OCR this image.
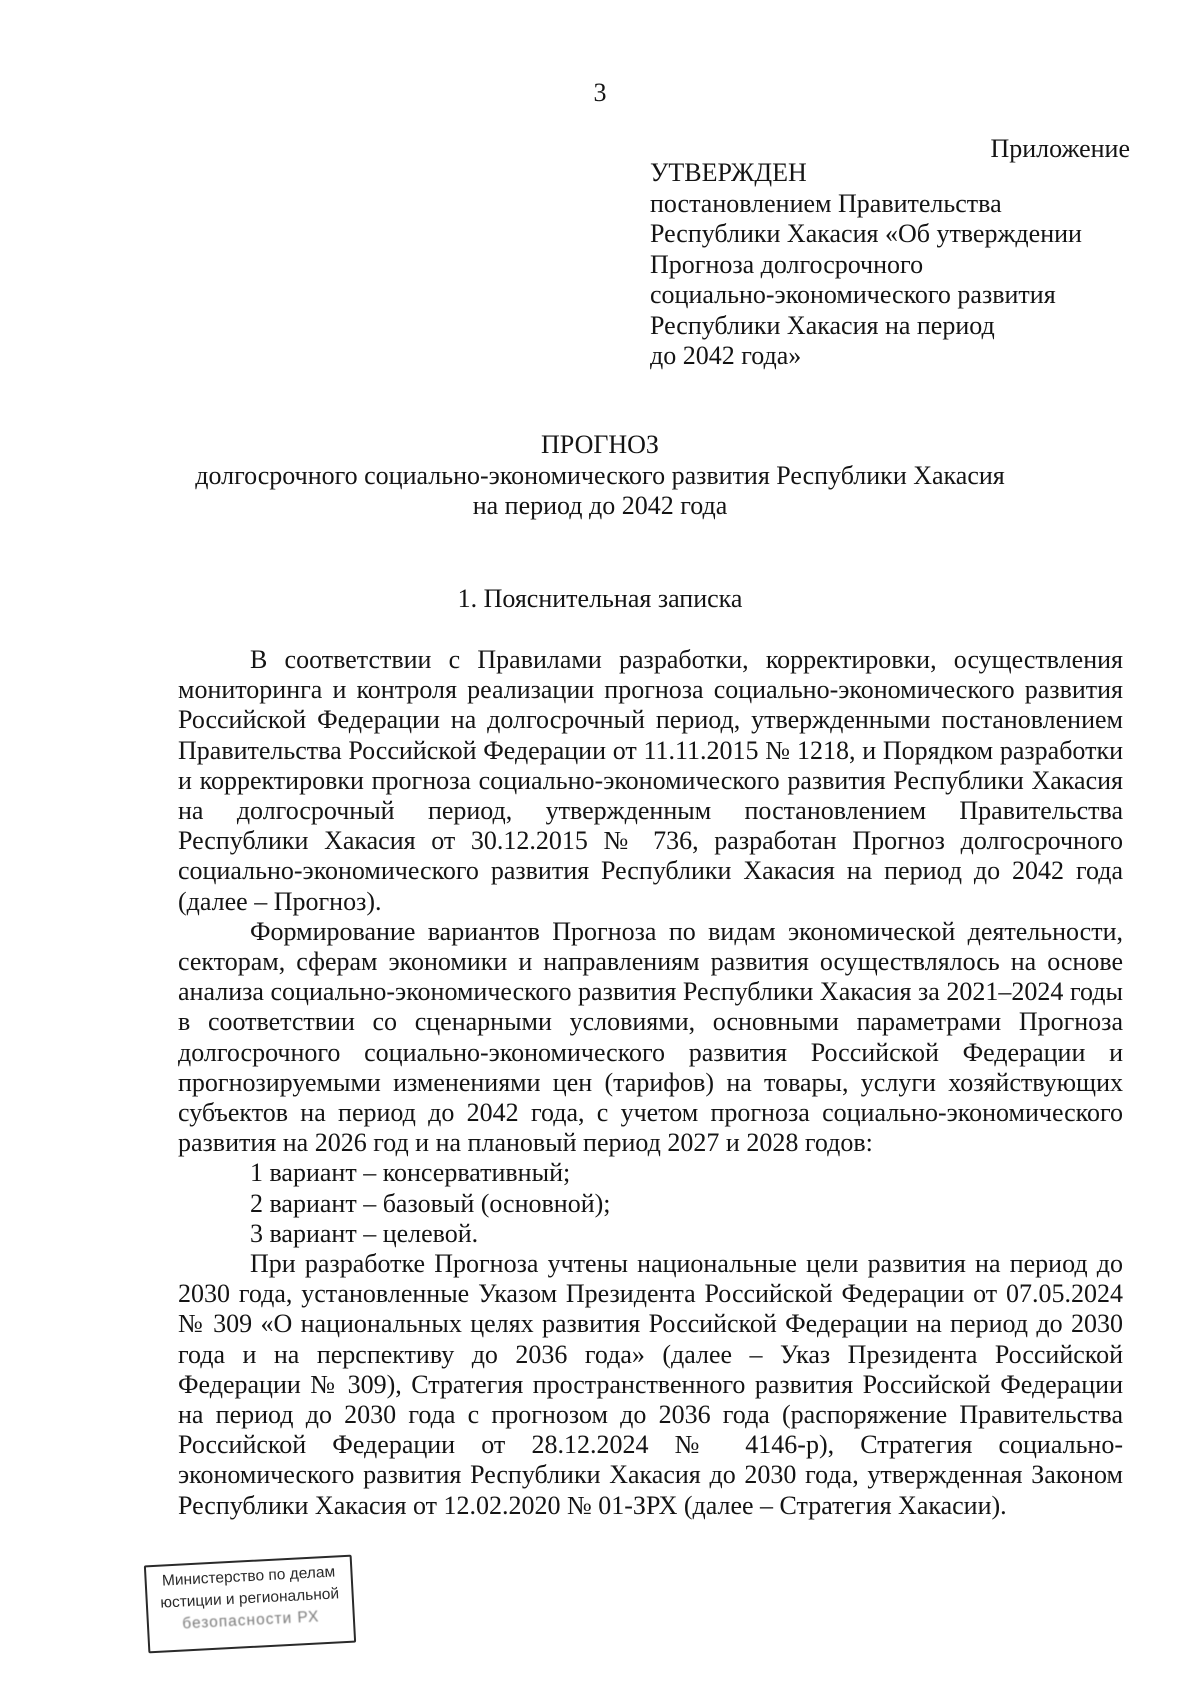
3
Приложение
УТВЕРЖДЕН
постановлением Правительства
Республики Хакасия «Об утверждении
Прогноза долгосрочного
социально-экономического развития
Республики Хакасия на период
до 2042 года»
ПРОГНОЗ
долгосрочного социально-экономического развития Республики Хакасия
на период до 2042 года
1. Пояснительная записка

В соответствии с Правилами разработки, корректировки, осуществления мониторинга и контроля реализации прогноза социально-экономического развития Российской Федерации на долгосрочный период, утвержденными постановлением Правительства Российской Федерации от 11.11.2015 № 1218, и Порядком разработки и корректировки прогноза социально-экономического развития Республики Хакасия на долгосрочный период, утвержденным постановлением Правительства Республики Хакасия от 30.12.2015 № 736, разработан Прогноз долгосрочного социально-экономического развития Республики Хакасия на период до 2042 года (далее – Прогноз).

Формирование вариантов Прогноза по видам экономической деятельности, секторам, сферам экономики и направлениям развития осуществлялось на основе анализа социально-экономического развития Республики Хакасия за 2021–2024 годы в соответствии со сценарными условиями, основными параметрами Прогноза долгосрочного социально-экономического развития Российской Федерации и прогнозируемыми изменениями цен (тарифов) на товары, услуги хозяйствующих субъектов на период до 2042 года, с учетом прогноза социально-экономического развития на 2026 год и на плановый период 2027 и 2028 годов:

1 вариант – консервативный;

2 вариант – базовый (основной);

3 вариант – целевой.

При разработке Прогноза учтены национальные цели развития на период до 2030 года, установленные Указом Президента Российской Федерации от 07.05.2024 № 309 «О национальных целях развития Российской Федерации на период до 2030 года и на перспективу до 2036 года» (далее – Указ Президента Российской Федерации № 309), Стратегия пространственного развития Российской Федерации на период до 2030 года с прогнозом до 2036 года (распоряжение Правительства Российской Федерации от 28.12.2024 № 4146-р), Стратегия социально-экономического развития Республики Хакасия до 2030 года, утвержденная Законом Республики Хакасия от 12.02.2020 № 01-ЗРХ (далее – Стратегия Хакасии).

Министерство по делам
юстиции и региональной
безопасности РХ
